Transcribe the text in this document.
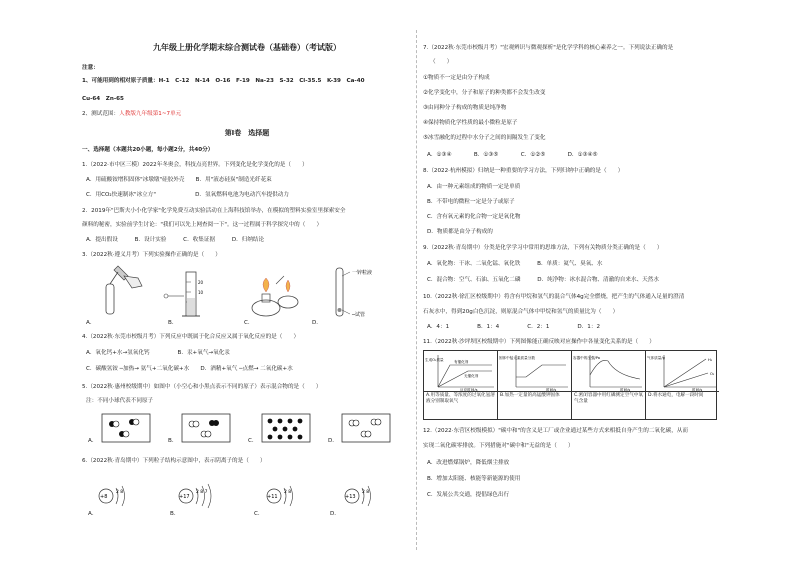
九年级上册化学期末综合测试卷（基础卷）（考试版）
注意：
1、可能用到的相对原子质量：H-1　C-12　N-14　O-16　F-19　Na-23　S-32　Cl-35.5　K-39　Ca-40
Cu-64　Zn-65
2、测试范围：人教版九年级第1~7单元
第Ⅰ卷　选择题
一、选择题（本题共20小题，每小题2分，共40分）
1.（2022·市中区三模）2022年冬奥会，科技点亮世界。下列变化是化学变化的是（　　）
A．用硫酸铵增积固体"冰墩墩"硅胶外壳　　B．用"液态硅炭"制造光纤花束
C．用CO₂快速制冰"冰立方"　　　　　　　D．氢氧燃料电池为电动汽车提供动力
2．2019年"巴斯夫小小化学家"化学免费互动实验活动在上海科技馆举办，在模拟的塑料实验室里探索安全
颜料的秘密，实验前学生讨论："我们可以先上网查阅一下"。这一过程属于科学探究中的（　　）
A．提出假设　　　B．设计实验　　　C．收集证据　　　D．归纳结论
3.（2022秋·遵义月考）下列实验操作正确的是（　　）
20
10
一锌粒液
─试管
A．	B．	C．	D．
4.（2022秋·东莞市校级月考）下列反应中既属于化合反应又属于氧化反应的是（　　）
A．氧化钙+水→氢氧化钙　　　　　B．汞+氧气→氧化汞
C．碳酸氢铵 ─加热→ 氨气+二氧化碳+水　　D．酒精+氧气 ─点燃→ 二氧化碳+水
5.（2022秋·惠州校级期中）如图中（小空心和小黑点表示不同的原子）表示混合物的是（　　）
注：不同小球代表不同原子
A．	B．	C．	D．
6.（2022秋·青岛期中）下列粒子结构示意图中，表示阴离子的是（　　）
+8
2 8
+17
2 8 7
+11
2 8
+13
2 8
A．	B．	C．	D．
7.（2022秋·东莞市校级月考）"宏观辨识与微观探析"是化学学科的核心素养之一。下列说法正确的是
（　　）
①物质不一定是由分子构成
②化学变化中，分子和原子的种类都不会发生改变
③由同种分子构成的物质是纯净物
④保持物质化学性质的最小微粒是原子
⑤冰雪融化的过程中水分子之间的间隔发生了变化
A．①③④　　　　B．①③⑤　　　　C．①②⑤　　　　D．①③④⑤
8.（2022·杭州模拟）归纳是一种重要的学习方法，下列归纳中正确的是（　　）
A．由一种元素组成的物质一定是单质
B．不带电的微粒一定是分子或原子
C．含有氧元素的化合物一定是氧化物
D．物质都是由分子构成的
9.（2022秋·青岛期中）分类是化学学习中常用的思维方法，下列有关物质分类正确的是（　　）
A．氧化物：干冰、二氧化锰、氧化铁　　　B．单质：氦气、臭氧、水
C．混合物：空气、石油、五氧化二磷　　　D．纯净物：冰水混合物、清澈的自来水、天然水
10.（2022秋·徐汇区校级期中）将含有甲烷和氢气的混合气体4g完全燃烧，把产生的气体通入足量的澄清
石灰水中，得到20g白色沉淀，则原混合气体中甲烷和氢气的质量比为（　　）
A．4：1　　　　　B．1：4　　　　　C．2：1　　　　　D．1：2
11.（2022秋·沙坪坝区校级期中）下列图像能正确反映对应操作中各量变化关系的是（　　）
生成O₂质量	有催化剂
无催化剂
反应时间/s
A.用等质量、等浓度的过氧化氢溶液分别制取氧气
固体中锰元素质量分数
时间/s
B.加热一定量的高锰酸钾固体
容器中的压强/Pa
时间/s
C.密闭容器中用红磷测定空气中氧气含量
气体质量/g	H₂
O₂
时间/s
D.将水通电，电解一段时间
12.（2022·东营区校级模拟）"碳中和"的含义是工厂或企业通过某些方式来相抵自身产生的二氧化碳，从而
实现二氧化碳零排放。下列措施对"碳中和"无益的是（　　）
A．改进燃煤锅炉，降低烟尘排放
B．增加太阳能、核能等新能源的使用
C．发展公共交通，提倡绿色出行
